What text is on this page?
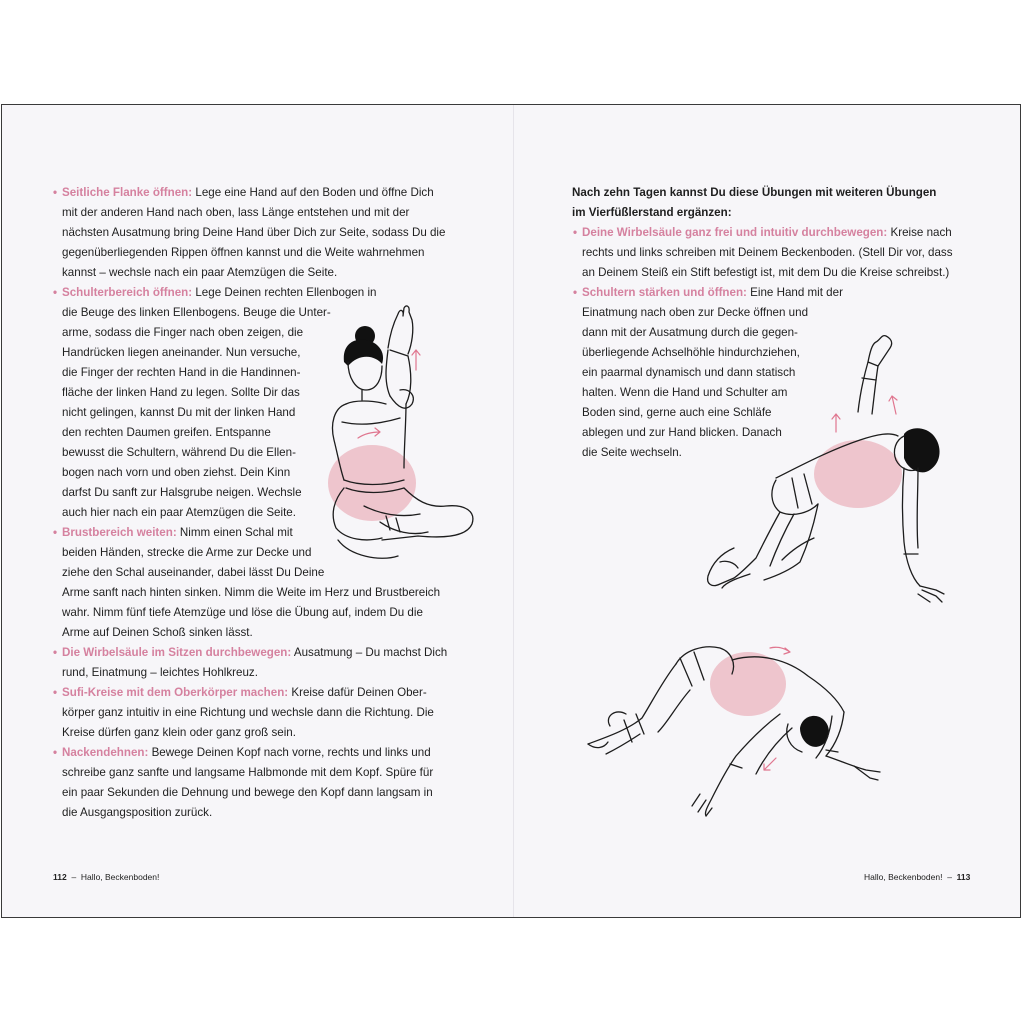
• Seitliche Flanke öffnen: Lege eine Hand auf den Boden und öffne Dich
mit der anderen Hand nach oben, lass Länge entstehen und mit der
nächsten Ausatmung bring Deine Hand über Dich zur Seite, sodass Du die
gegenüberliegenden Rippen öffnen kannst und die Weite wahrnehmen
kannst – wechsle nach ein paar Atemzügen die Seite.
• Schulterbereich öffnen: Lege Deinen rechten Ellenbogen in
die Beuge des linken Ellenbogens. Beuge die Unter-
arme, sodass die Finger nach oben zeigen, die
Handrücken liegen aneinander. Nun versuche,
die Finger der rechten Hand in die Handinnen-
fläche der linken Hand zu legen. Sollte Dir das
nicht gelingen, kannst Du mit der linken Hand
den rechten Daumen greifen. Entspanne
bewusst die Schultern, während Du die Ellen-
bogen nach vorn und oben ziehst. Dein Kinn
darfst Du sanft zur Halsgrube neigen. Wechsle
auch hier nach ein paar Atemzügen die Seite.
• Brustbereich weiten: Nimm einen Schal mit
beiden Händen, strecke die Arme zur Decke und
ziehe den Schal auseinander, dabei lässt Du Deine
Arme sanft nach hinten sinken. Nimm die Weite im Herz und Brustbereich
wahr. Nimm fünf tiefe Atemzüge und löse die Übung auf, indem Du die
Arme auf Deinen Schoß sinken lässt.
• Die Wirbelsäule im Sitzen durchbewegen: Ausatmung – Du machst Dich
rund, Einatmung – leichtes Hohlkreuz.
• Sufi-Kreise mit dem Oberkörper machen: Kreise dafür Deinen Ober-
körper ganz intuitiv in eine Richtung und wechsle dann die Richtung. Die
Kreise dürfen ganz klein oder ganz groß sein.
• Nackendehnen: Bewege Deinen Kopf nach vorne, rechts und links und
schreibe ganz sanfte und langsame Halbmonde mit dem Kopf. Spüre für
ein paar Sekunden die Dehnung und bewege den Kopf dann langsam in
die Ausgangsposition zurück.
112 – Hallo, Beckenboden!
Nach zehn Tagen kannst Du diese Übungen mit weiteren Übungen
im Vierfüßlerstand ergänzen:
• Deine Wirbelsäule ganz frei und intuitiv durchbewegen: Kreise nach
rechts und links schreiben mit Deinem Beckenboden. (Stell Dir vor, dass
an Deinem Steiß ein Stift befestigt ist, mit dem Du die Kreise schreibst.)
• Schultern stärken und öffnen: Eine Hand mit der
Einatmung nach oben zur Decke öffnen und
dann mit der Ausatmung durch die gegen-
überliegende Achselhöhle hindurchziehen,
ein paarmal dynamisch und dann statisch
halten. Wenn die Hand und Schulter am
Boden sind, gerne auch eine Schläfe
ablegen und zur Hand blicken. Danach
die Seite wechseln.
Hallo, Beckenboden! – 113
